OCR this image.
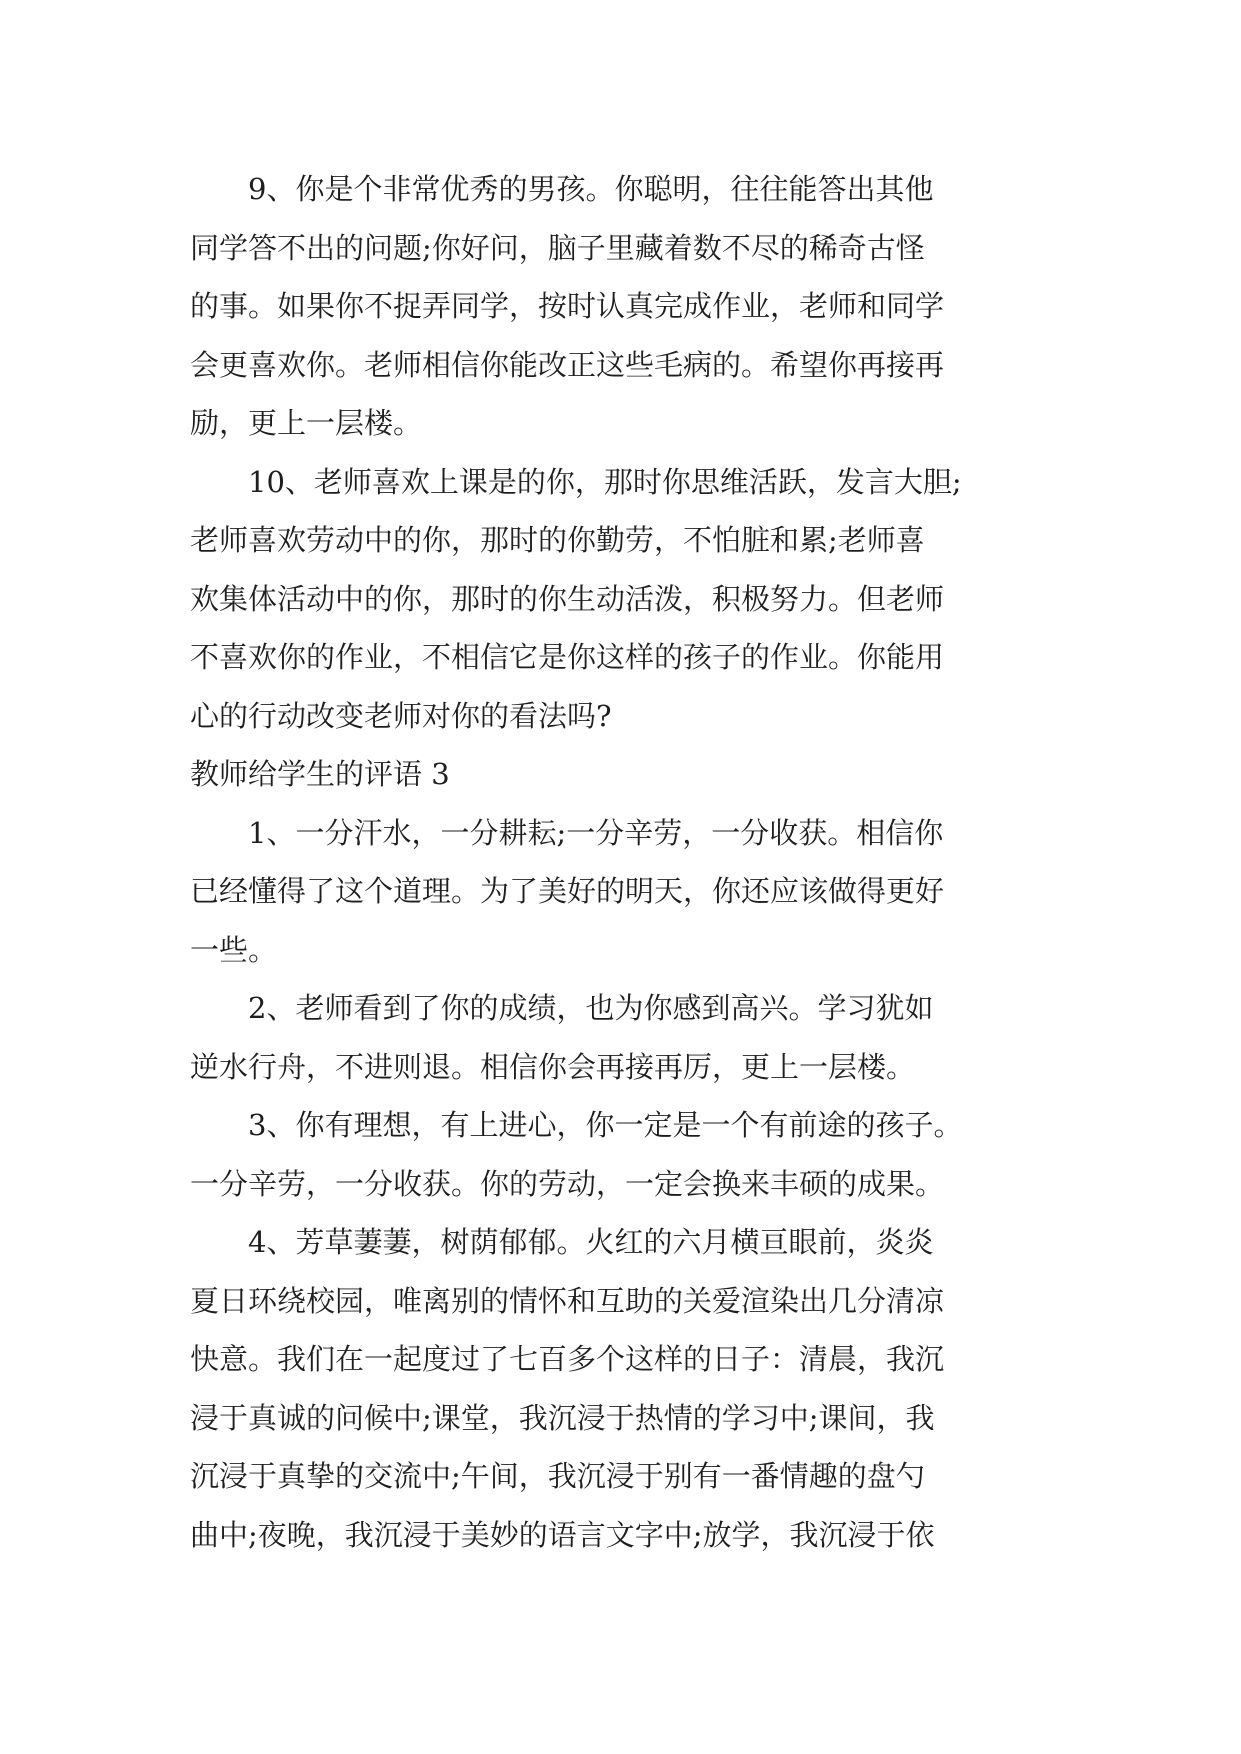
9、你是个非常优秀的男孩。你聪明，往往能答出其他
同学答不出的问题;你好问，脑子里藏着数不尽的稀奇古怪
的事。如果你不捉弄同学，按时认真完成作业，老师和同学
会更喜欢你。老师相信你能改正这些毛病的。希望你再接再
励，更上一层楼。
10、老师喜欢上课是的你，那时你思维活跃，发言大胆;
老师喜欢劳动中的你，那时的你勤劳，不怕脏和累;老师喜
欢集体活动中的你，那时的你生动活泼，积极努力。但老师
不喜欢你的作业，不相信它是你这样的孩子的作业。你能用
心的行动改变老师对你的看法吗?
教师给学生的评语 3
1、一分汗水，一分耕耘;一分辛劳，一分收获。相信你
已经懂得了这个道理。为了美好的明天，你还应该做得更好
一些。
2、老师看到了你的成绩，也为你感到高兴。学习犹如
逆水行舟，不进则退。相信你会再接再厉，更上一层楼。
3、你有理想，有上进心，你一定是一个有前途的孩子。
一分辛劳，一分收获。你的劳动，一定会换来丰硕的成果。
4、芳草萋萋，树荫郁郁。火红的六月横亘眼前，炎炎
夏日环绕校园，唯离别的情怀和互助的关爱渲染出几分清凉
快意。我们在一起度过了七百多个这样的日子：清晨，我沉
浸于真诚的问候中;课堂，我沉浸于热情的学习中;课间，我
沉浸于真挚的交流中;午间，我沉浸于别有一番情趣的盘勺
曲中;夜晚，我沉浸于美妙的语言文字中;放学，我沉浸于依
